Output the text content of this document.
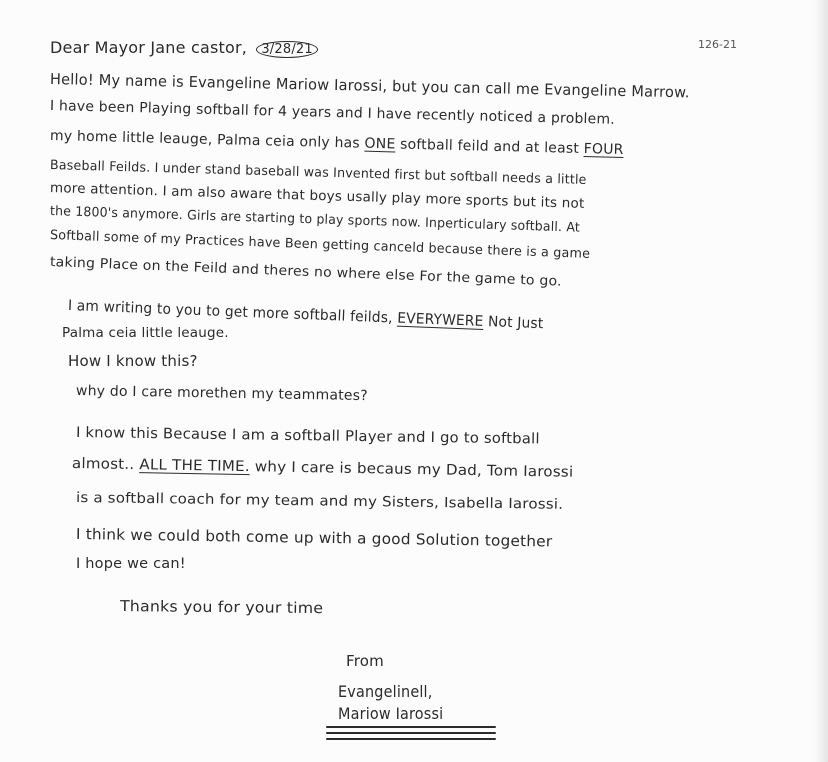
126-21
Dear Mayor Jane castor, 3/28/21
Hello! My name is Evangeline Mariow Iarossi, but you can call me Evangeline Marrow.
I have been Playing softball for 4 years and I have recently noticed a problem.
my home little leauge, Palma ceia only has ONE softball feild and at least FOUR
Baseball Feilds. I under stand baseball was Invented first but softball needs a little
more attention. I am also aware that boys usally play more sports but its not
the 1800's anymore. Girls are starting to play sports now. Inperticulary softball. At
Softball some of my Practices have Been getting canceld because there is a game
taking Place on the Feild and theres no where else For the game to go.
I am writing to you to get more softball feilds, EVERYWERE Not Just
Palma ceia little leauge.
How I know this?
why do I care morethen my teammates?
I know this Because I am a softball Player and I go to softball
almost.. ALL THE TIME. why I care is becaus my Dad, Tom Iarossi
is a softball coach for my team and my Sisters, Isabella Iarossi.
I think we could both come up with a good Solution together
I hope we can!
Thanks you for your time
From
Evangelinell,
Mariow Iarossi
